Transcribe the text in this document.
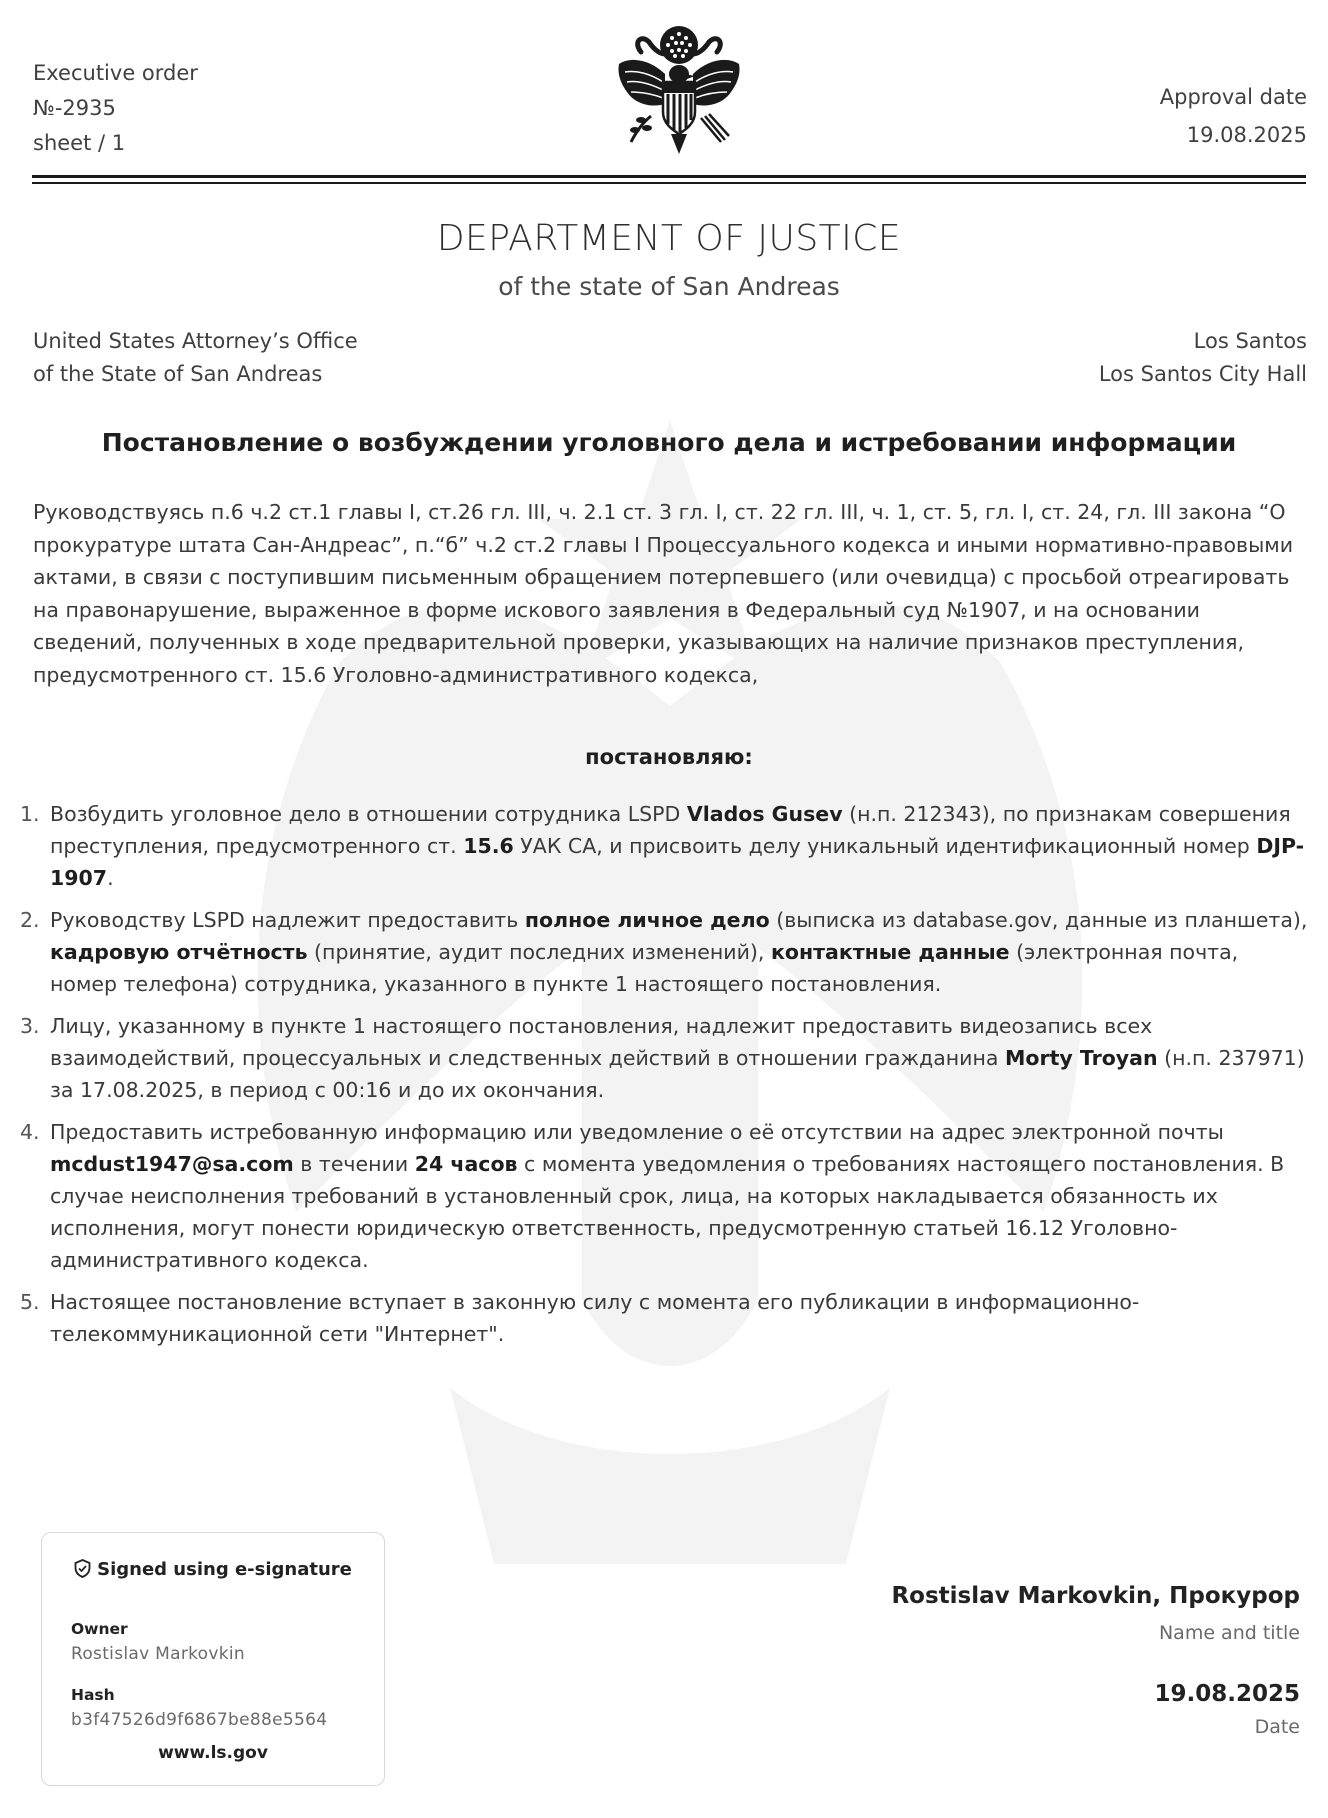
Executive order
№-2935
sheet / 1
Approval date
19.08.2025
DEPARTMENT OF JUSTICE
of the state of San Andreas
United States Attorney’s Office
of the State of San Andreas
Los Santos
Los Santos City Hall
Постановление о возбуждении уголовного дела и истребовании информации
Руководствуясь п.6 ч.2 ст.1 главы I, ст.26 гл. III, ч. 2.1 ст. 3 гл. I, ст. 22 гл. III, ч. 1, ст. 5, гл. I, ст. 24, гл. III закона “О прокуратуре штата Сан-Андреас”, п.“б” ч.2 ст.2 главы I Процессуального кодекса и иными нормативно-правовыми актами, в связи с поступившим письменным обращением потерпевшего (или очевидца) с просьбой отреагировать на правонарушение, выраженное в форме искового заявления в Федеральный суд №1907, и на основании сведений, полученных в ходе предварительной проверки, указывающих на наличие признаков преступления, предусмотренного ст. 15.6 Уголовно-административного кодекса,
постановляю:
1. Возбудить уголовное дело в отношении сотрудника LSPD Vlados Gusev (н.п. 212343), по признакам совершения преступления, предусмотренного ст. 15.6 УАК СА, и присвоить делу уникальный идентификационный номер DJP-1907.
2. Руководству LSPD надлежит предоставить полное личное дело (выписка из database.gov, данные из планшета), кадровую отчётность (принятие, аудит последних изменений), контактные данные (электронная почта, номер телефона) сотрудника, указанного в пункте 1 настоящего постановления.
3. Лицу, указанному в пункте 1 настоящего постановления, надлежит предоставить видеозапись всех взаимодействий, процессуальных и следственных действий в отношении гражданина Morty Troyan (н.п. 237971) за 17.08.2025, в период с 00:16 и до их окончания.
4. Предоставить истребованную информацию или уведомление о её отсутствии на адрес электронной почты mcdust1947@sa.com в течении 24 часов с момента уведомления о требованиях настоящего постановления. В случае неисполнения требований в установленный срок, лица, на которых накладывается обязанность их исполнения, могут понести юридическую ответственность, предусмотренную статьей 16.12 Уголовно-административного кодекса.
5. Настоящее постановление вступает в законную силу с момента его публикации в информационно-телекоммуникационной сети "Интернет".
Signed using e-signature
Owner
Rostislav Markovkin
Hash
b3f47526d9f6867be88e5564
www.ls.gov
Rostislav Markovkin, Прокурор
Name and title
19.08.2025
Date
